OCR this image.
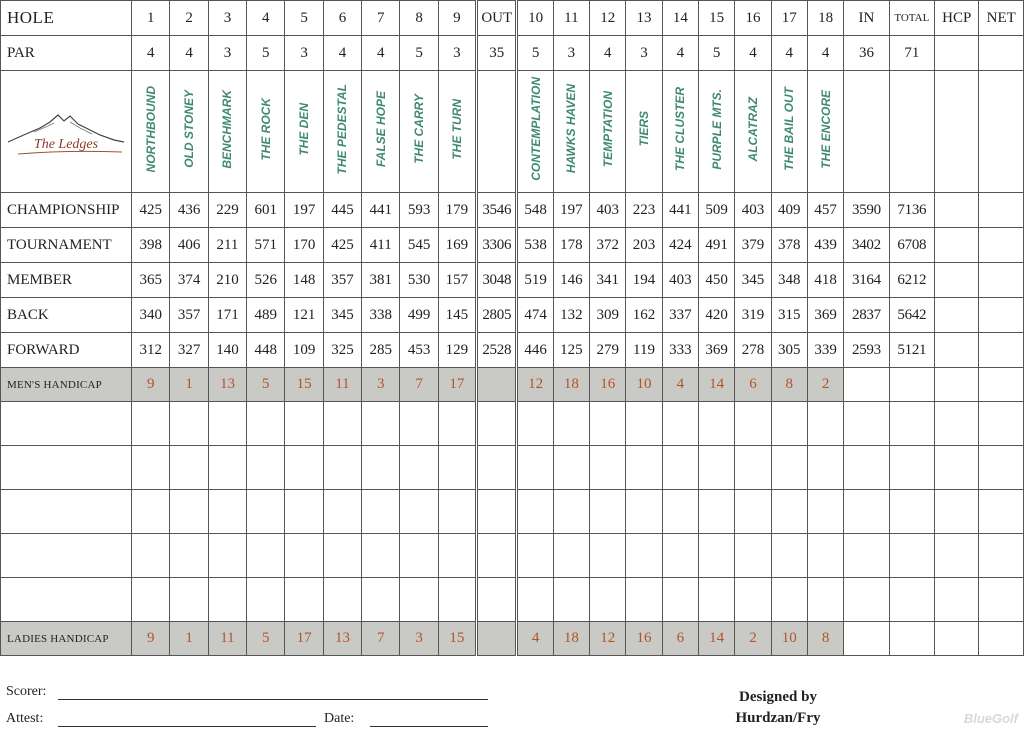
HOLE	1	2	3	4	5	6	7	8	9	OUT	10	11	12	13	14	15	16	17	18	IN	TOTAL	HCP	NET
PAR	4	4	3	5	3	4	4	5	3	35	5	3	4	3	4	5	4	4	4	36	71		

The Ledges	NORTHBOUND	OLD STONEY	BENCHMARK	THE ROCK	THE DEN	THE PEDESTAL	FALSE HOPE	THE CARRY	THE TURN		CONTEMPLATION	HAWKS HAVEN	TEMPTATION	TIERS	THE CLUSTER	PURPLE MTS.	ALCATRAZ	THE BAIL OUT	THE ENCORE				
CHAMPIONSHIP	425	436	229	601	197	445	441	593	179	3546	548	197	403	223	441	509	403	409	457	3590	7136		
TOURNAMENT	398	406	211	571	170	425	411	545	169	3306	538	178	372	203	424	491	379	378	439	3402	6708		
MEMBER	365	374	210	526	148	357	381	530	157	3048	519	146	341	194	403	450	345	348	418	3164	6212		
BACK	340	357	171	489	121	345	338	499	145	2805	474	132	309	162	337	420	319	315	369	2837	5642		
FORWARD	312	327	140	448	109	325	285	453	129	2528	446	125	279	119	333	369	278	305	339	2593	5121		
MEN'S HANDICAP	9	1	13	5	15	11	3	7	17		12	18	16	10	4	14	6	8	2				

LADIES HANDICAP	9	1	11	5	17	13	7	3	15		4	18	12	16	6	14	2	10	8				
Scorer:
Attest:	Date:
Designed by
Hurdzan/Fry	BlueGolf
